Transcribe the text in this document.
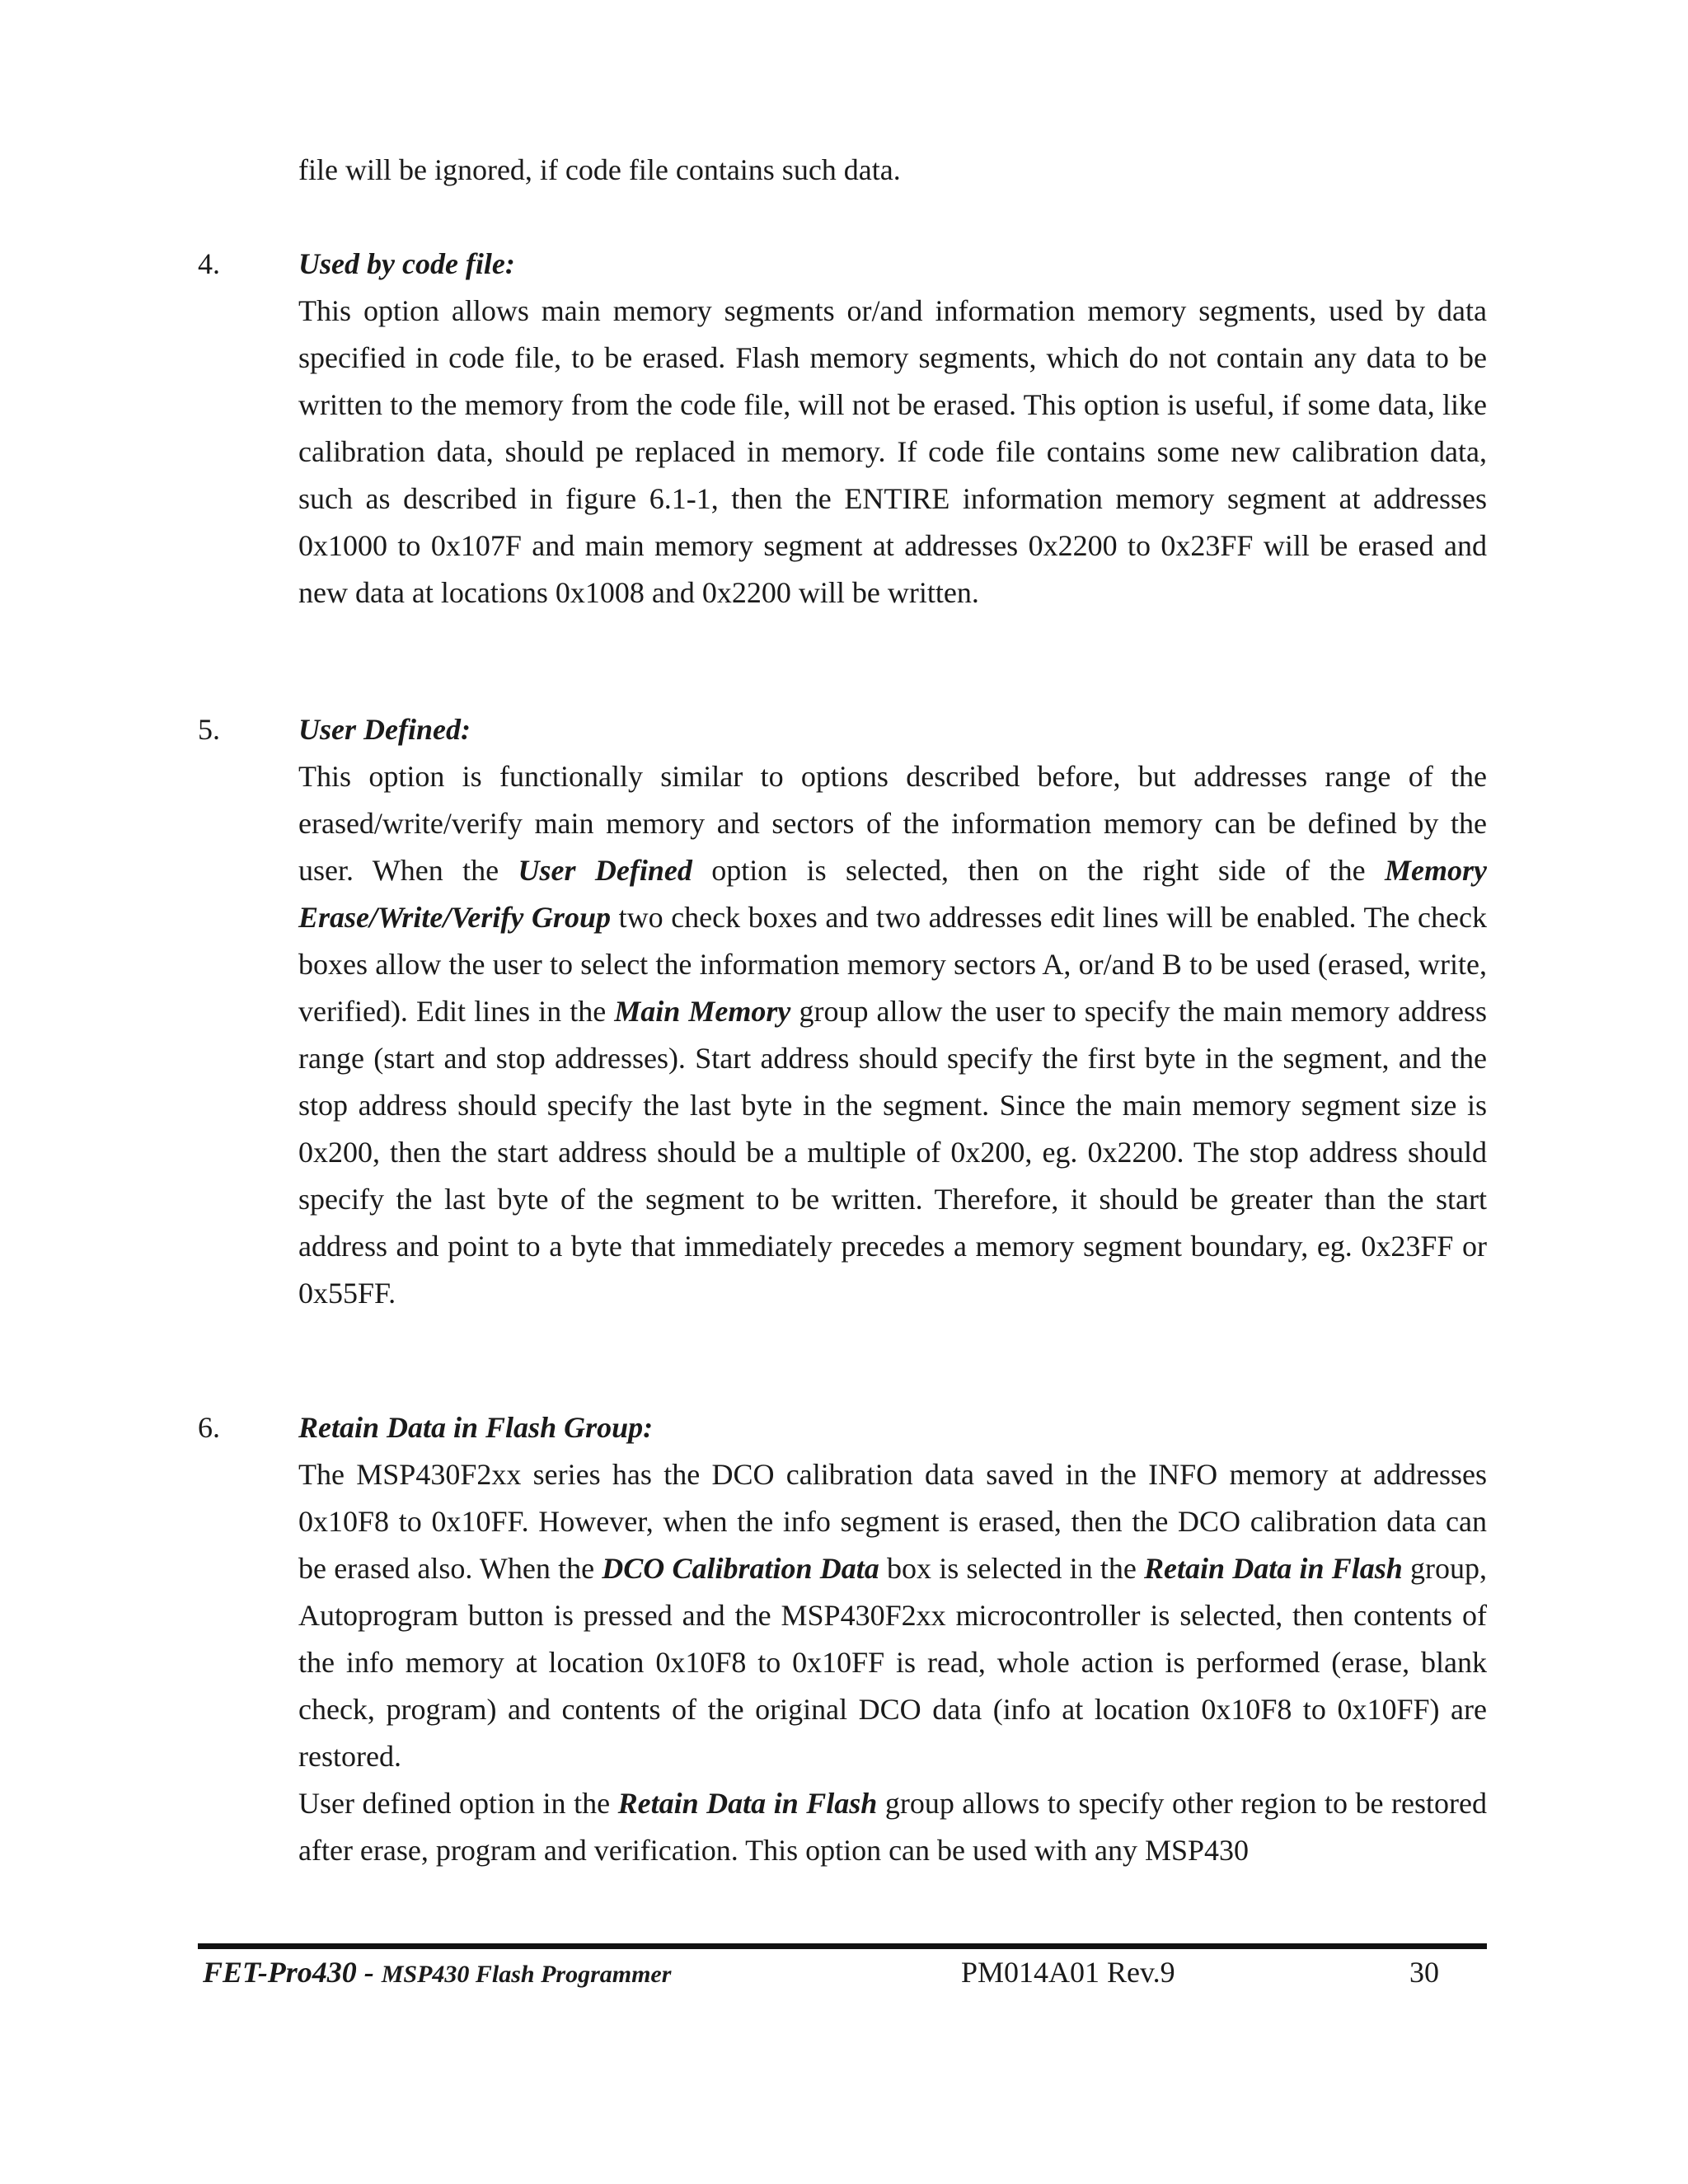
file will be ignored, if code file contains such data.

4.	Used by code file:

This option allows main memory segments or/and information memory segments, used by data specified in code file, to be erased. Flash memory segments, which do not contain any data to be written to the memory from the code file, will not be erased. This option is useful, if some data, like calibration data, should pe replaced in memory. If code file contains some new calibration data, such as described in figure 6.1-1, then the ENTIRE information memory segment at addresses 0x1000 to 0x107F and main memory segment at addresses 0x2200 to 0x23FF will be erased and new data at locations 0x1008 and 0x2200 will be written.

5.	User Defined:

This option is functionally similar to options described before, but addresses range of the erased/write/verify main memory and sectors of the information memory can be defined by the user. When the User Defined option is selected, then on the right side of the Memory Erase/Write/Verify Group two check boxes and two addresses edit lines will be enabled. The check boxes allow the user to select the information memory sectors A, or/and B to be used (erased, write, verified). Edit lines in the Main Memory group allow the user to specify the main memory address range (start and stop addresses). Start address should specify the first byte in the segment, and the stop address should specify the last byte in the segment. Since the main memory segment size is 0x200, then the start address should be a multiple of 0x200, eg. 0x2200. The stop address should specify the last byte of the segment to be written. Therefore, it should be greater than the start address and point to a byte that immediately precedes a memory segment boundary, eg. 0x23FF or 0x55FF.

6.	Retain Data in Flash Group:

The MSP430F2xx series has the DCO calibration data saved in the INFO memory at addresses 0x10F8 to 0x10FF. However, when the info segment is erased, then the DCO calibration data can be erased also. When the DCO Calibration Data box is selected in the Retain Data in Flash group, Autoprogram button is pressed and the MSP430F2xx microcontroller is selected, then contents of the info memory at location 0x10F8 to 0x10FF is read, whole action is performed (erase, blank check, program) and contents of the original DCO data (info at location 0x10F8 to 0x10FF) are restored.

User defined option in the Retain Data in Flash group allows to specify other region to be restored after erase, program and verification. This option can be used with any MSP430

FET-Pro430 - MSP430 Flash Programmer	PM014A01 Rev.9	30
